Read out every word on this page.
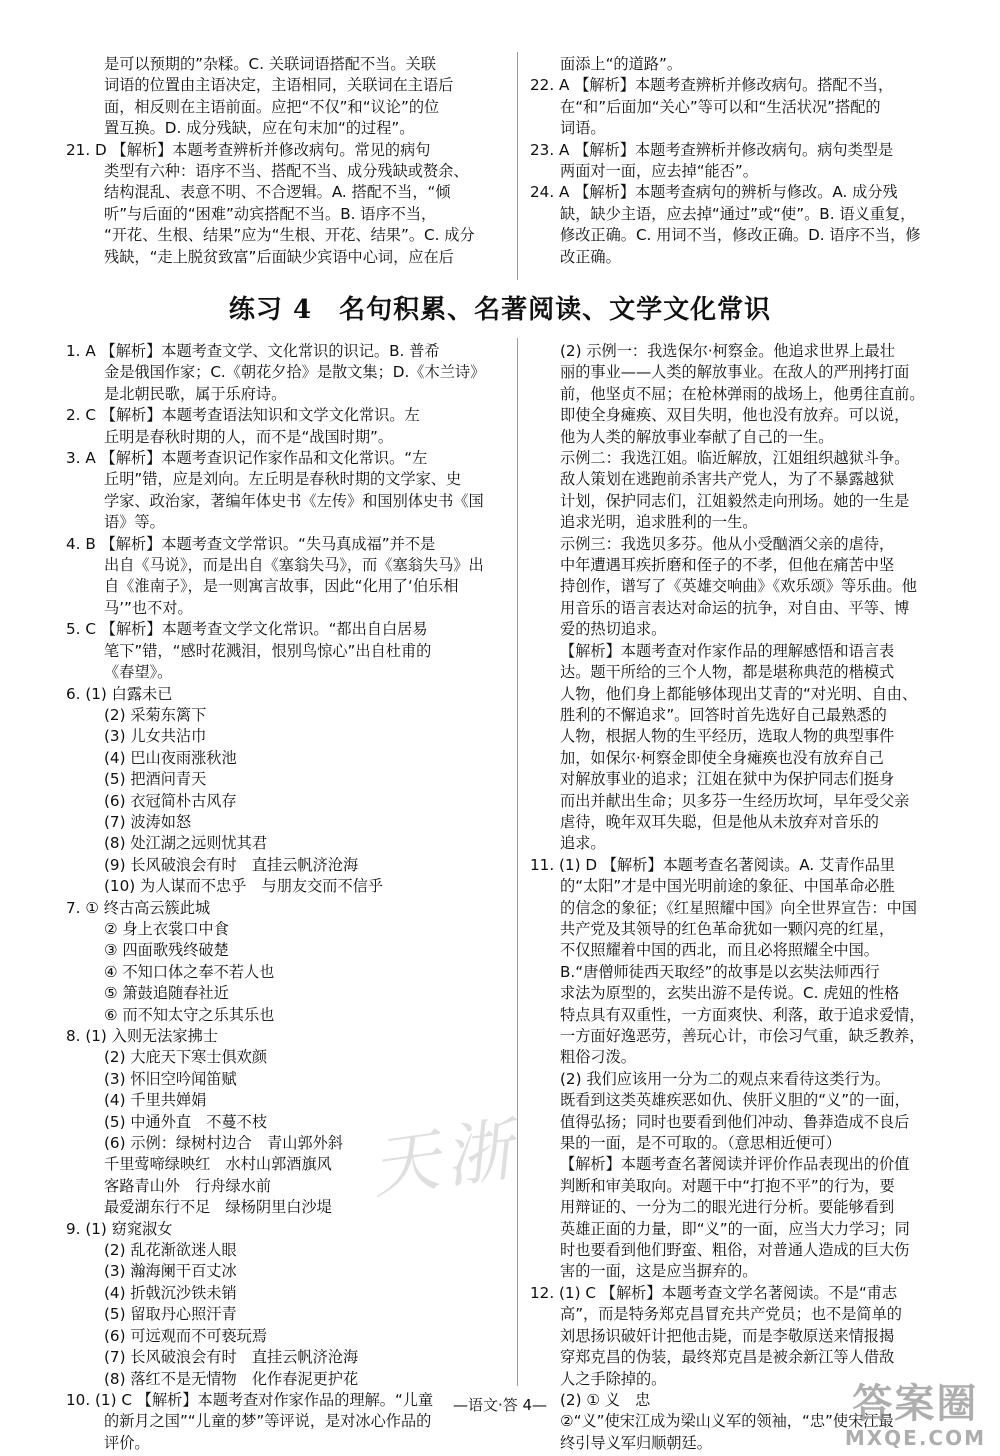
是可以预期的”杂糅。C. 关联词语搭配不当。关联

词语的位置由主语决定，主语相同，关联词在主语后

面，相反则在主语前面。应把“不仅”和“议论”的位

置互换。D. 成分残缺，应在句末加“的过程”。

21. D 【解析】本题考查辨析并修改病句。常见的病句

类型有六种：语序不当、搭配不当、成分残缺或赘余、

结构混乱、表意不明、不合逻辑。A. 搭配不当，“倾

听”与后面的“困难”动宾搭配不当。B. 语序不当，

“开花、生根、结果”应为“生根、开花、结果”。C. 成分

残缺，“走上脱贫致富”后面缺少宾语中心词，应在后

面添上“的道路”。

22. A 【解析】本题考查辨析并修改病句。搭配不当，

在“和”后面加“关心”等可以和“生活状况”搭配的

词语。

23. A 【解析】本题考查辨析并修改病句。病句类型是

两面对一面，应去掉“能否”。

24. A 【解析】本题考查病句的辨析与修改。A. 成分残

缺，缺少主语，应去掉“通过”或“使”。B. 语义重复，

修改正确。C. 用词不当，修改正确。D. 语序不当，修

改正确。

练习 4　名句积累、名著阅读、文学文化常识

1. A 【解析】本题考查文学、文化常识的识记。B. 普希

金是俄国作家；C.《朝花夕拾》是散文集；D.《木兰诗》

是北朝民歌，属于乐府诗。

2. C 【解析】本题考查语法知识和文学文化常识。左

丘明是春秋时期的人，而不是“战国时期”。

3. A 【解析】本题考查识记作家作品和文化常识。“左

丘明”错，应是刘向。左丘明是春秋时期的文学家、史

学家、政治家，著编年体史书《左传》和国别体史书《国

语》等。

4. B 【解析】本题考查文学常识。“失马真成福”并不是

出自《马说》，而是出自《塞翁失马》，而《塞翁失马》出

自《淮南子》，是一则寓言故事，因此“化用了‘伯乐相

马’”也不对。

5. C 【解析】本题考查文学文化常识。“都出自白居易

笔下”错，“感时花溅泪，恨别鸟惊心”出自杜甫的

《春望》。

6. (1) 白露未已

(2) 采菊东篱下

(3) 儿女共沾巾

(4) 巴山夜雨涨秋池

(5) 把酒问青天

(6) 衣冠简朴古风存

(7) 波涛如怒

(8) 处江湖之远则忧其君

(9) 长风破浪会有时　直挂云帆济沧海

(10) 为人谋而不忠乎　与朋友交而不信乎

7. ① 终古高云簇此城

② 身上衣裳口中食

③ 四面歌残终破楚

④ 不知口体之奉不若人也

⑤ 箫鼓追随春社近

⑥ 而不知太守之乐其乐也

8. (1) 入则无法家拂士

(2) 大庇天下寒士俱欢颜

(3) 怀旧空吟闻笛赋

(4) 千里共婵娟

(5) 中通外直　不蔓不枝

(6) 示例：绿树村边合　青山郭外斜

千里莺啼绿映红　水村山郭酒旗风

客路青山外　行舟绿水前

最爱湖东行不足　绿杨阴里白沙堤

9. (1) 窈窕淑女

(2) 乱花渐欲迷人眼

(3) 瀚海阑干百丈冰

(4) 折戟沉沙铁未销

(5) 留取丹心照汗青

(6) 可远观而不可亵玩焉

(7) 长风破浪会有时　直挂云帆济沧海

(8) 落红不是无情物　化作春泥更护花

10. (1) C 【解析】本题考查对作家作品的理解。“儿童

的新月之国”“儿童的梦”等评说，是对冰心作品的

评价。

(2) 示例一：我选保尔·柯察金。他追求世界上最壮

丽的事业——人类的解放事业。在敌人的严刑拷打面

前，他坚贞不屈；在枪林弹雨的战场上，他勇往直前。

即使全身瘫痪、双目失明，他也没有放弃。可以说，

他为人类的解放事业奉献了自己的一生。

示例二：我选江姐。临近解放，江姐组织越狱斗争。

敌人策划在逃跑前杀害共产党人，为了不暴露越狱

计划，保护同志们，江姐毅然走向刑场。她的一生是

追求光明，追求胜利的一生。

示例三：我选贝多芬。他从小受酗酒父亲的虐待，

中年遭遇耳疾折磨和侄子的不孝，但他在痛苦中坚

持创作，谱写了《英雄交响曲》《欢乐颂》等乐曲。他

用音乐的语言表达对命运的抗争，对自由、平等、博

爱的热切追求。

【解析】本题考查对作家作品的理解感悟和语言表

达。题干所给的三个人物，都是堪称典范的楷模式

人物，他们身上都能够体现出艾青的“对光明、自由、

胜利的不懈追求”。回答时首先选好自己最熟悉的

人物，根据人物的生平经历，选取人物的典型事件

加，如保尔·柯察金即使全身瘫痪也没有放弃自己

对解放事业的追求；江姐在狱中为保护同志们挺身

而出并献出生命；贝多芬一生经历坎坷，早年受父亲

虐待，晚年双耳失聪，但是他从未放弃对音乐的

追求。

11. (1) D 【解析】本题考查名著阅读。A. 艾青作品里

的“太阳”才是中国光明前途的象征、中国革命必胜

的信念的象征；《红星照耀中国》向全世界宣告：中国

共产党及其领导的红色革命犹如一颗闪亮的红星，

不仅照耀着中国的西北，而且必将照耀全中国。

B.“唐僧师徒西天取经”的故事是以玄奘法师西行

求法为原型的，玄奘出游不是传说。C. 虎妞的性格

特点具有双重性，一方面爽快、利落，敢于追求爱情，

一方面好逸恶劳，善玩心计，市侩习气重，缺乏教养，

粗俗刁泼。

(2) 我们应该用一分为二的观点来看待这类行为。

既看到这类英雄疾恶如仇、侠肝义胆的“义”的一面，

值得弘扬；同时也要看到他们冲动、鲁莽造成不良后

果的一面，是不可取的。（意思相近便可）

【解析】本题考查名著阅读并评价作品表现出的价值

判断和审美取向。对题干中“打抱不平”的行为，要

用辩证的、一分为二的眼光进行分析。要能够看到

英雄正面的力量，即“义”的一面，应当大力学习；同

时也要看到他们野蛮、粗俗，对普通人造成的巨大伤

害的一面，这是应当摒弃的。

12. (1) C 【解析】本题考查文学名著阅读。不是“甫志

高”，而是特务郑克昌冒充共产党员；也不是简单的

刘思扬识破奸计把他击毙，而是李敬原送来情报揭

穿郑克昌的伪装，最终郑克昌是被余新江等人借敌

人之手除掉的。

(2) ① 义　忠

②“义”使宋江成为梁山义军的领袖，“忠”使宋江最

终引导义军归顺朝廷。

天浙
—语文·答 4—	答案圈
MXQE.COM
